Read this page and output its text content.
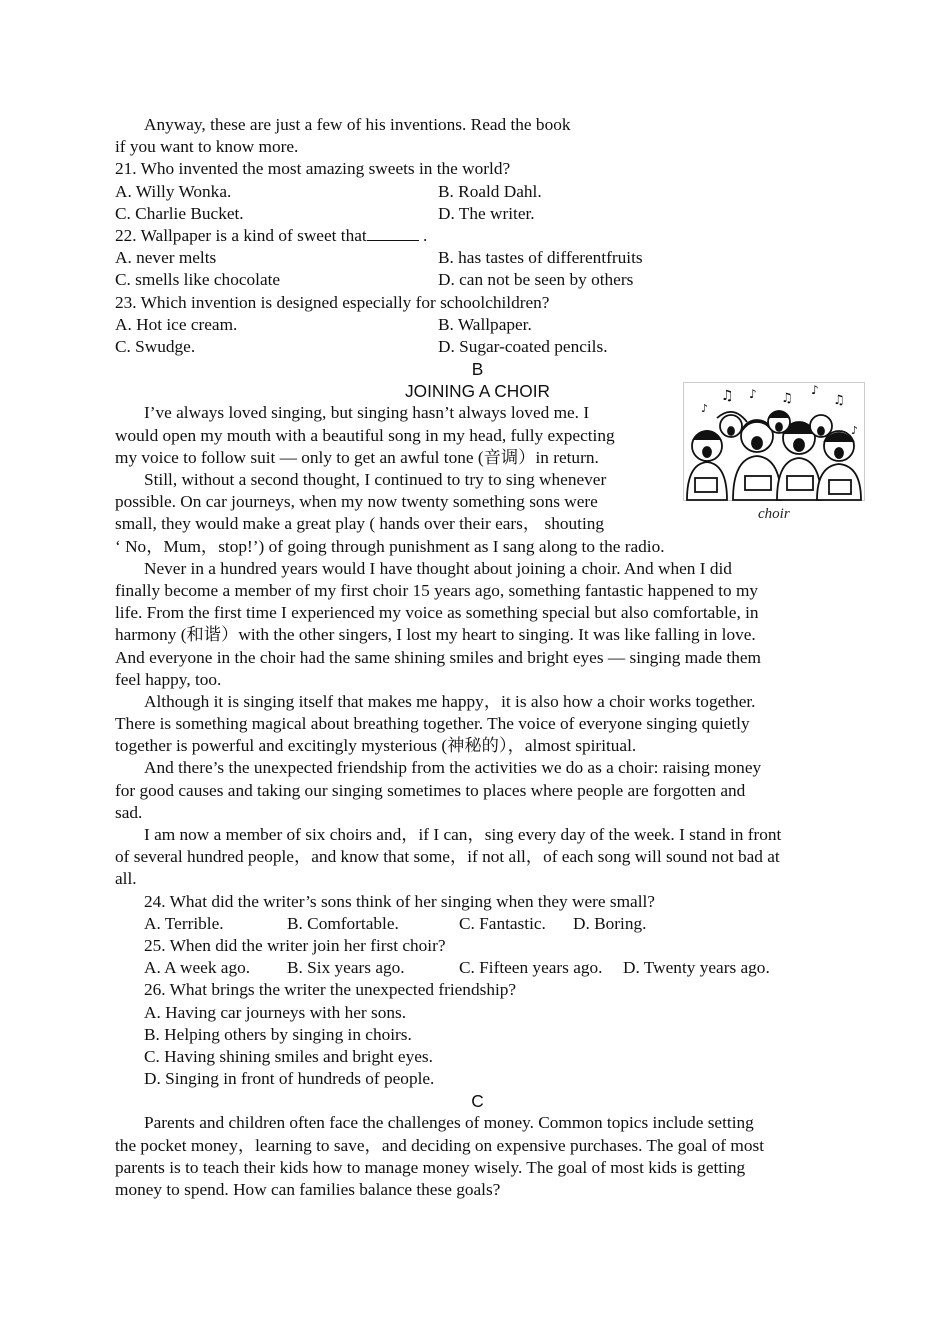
Anyway, these are just a few of his inventions. Read the book
if you want to know more.
21. Who invented the most amazing sweets in the world?
A. Willy Wonka.	B. Roald Dahl.
C. Charlie Bucket.	D. The writer.
22. Wallpaper is a kind of sweet that	.
A. never melts	B. has tastes of differentfruits
C. smells like chocolate	D. can not be seen by others
23. Which invention is designed especially for schoolchildren?
A. Hot ice cream.	B. Wallpaper.
C. Swudge.	D. Sugar-coated pencils.
B
JOINING A CHOIR
I’ve always loved singing, but singing hasn’t always loved me. I
would open my mouth with a beautiful song in my head, fully expecting
my voice to follow suit — only to get an awful tone (音调）in return.
Still, without a second thought, I continued to try to sing whenever
possible. On car journeys, when my now twenty something sons were
small, they would make a great play ( hands over their ears， shouting
‘ No，Mum，stop!’) of going through punishment as I sang along to the radio.
Never in a hundred years would I have thought about joining a choir. And when I did
finally become a member of my first choir 15 years ago, something fantastic happened to my
life. From the first time I experienced my voice as something special but also comfortable, in
harmony (和谐）with the other singers, I lost my heart to singing. It was like falling in love.
And everyone in the choir had the same shining smiles and bright eyes — singing made them
feel happy, too.
Although it is singing itself that makes me happy，it is also how a choir works together.
There is something magical about breathing together. The voice of everyone singing quietly
together is powerful and excitingly mysterious (神秘的），almost spiritual.
And there’s the unexpected friendship from the activities we do as a choir: raising money
for good causes and taking our singing sometimes to places where people are forgotten and
sad.
I am now a member of six choirs and，if I can，sing every day of the week. I stand in front
of several hundred people，and know that some，if not all，of each song will sound not bad at
all.
24. What did the writer’s sons think of her singing when they were small?
A. Terrible.	B. Comfortable.	C. Fantastic. D. Boring.
25. When did the writer join her first choir?
A. A week ago. B. Six years ago.	C. Fifteen years ago. D. Twenty years ago.
26. What brings the writer the unexpected friendship?
A. Having car journeys with her sons.
B. Helping others by singing in choirs.
C. Having shining smiles and bright eyes.
D. Singing in front of hundreds of people.
C
Parents and children often face the challenges of money. Common topics include setting
the pocket money，learning to save，and deciding on expensive purchases. The goal of most
parents is to teach their kids how to manage money wisely. The goal of most kids is getting
money to spend. How can families balance these goals?
♫ ♪ ♫
♪
♫
♪
♪
choir
